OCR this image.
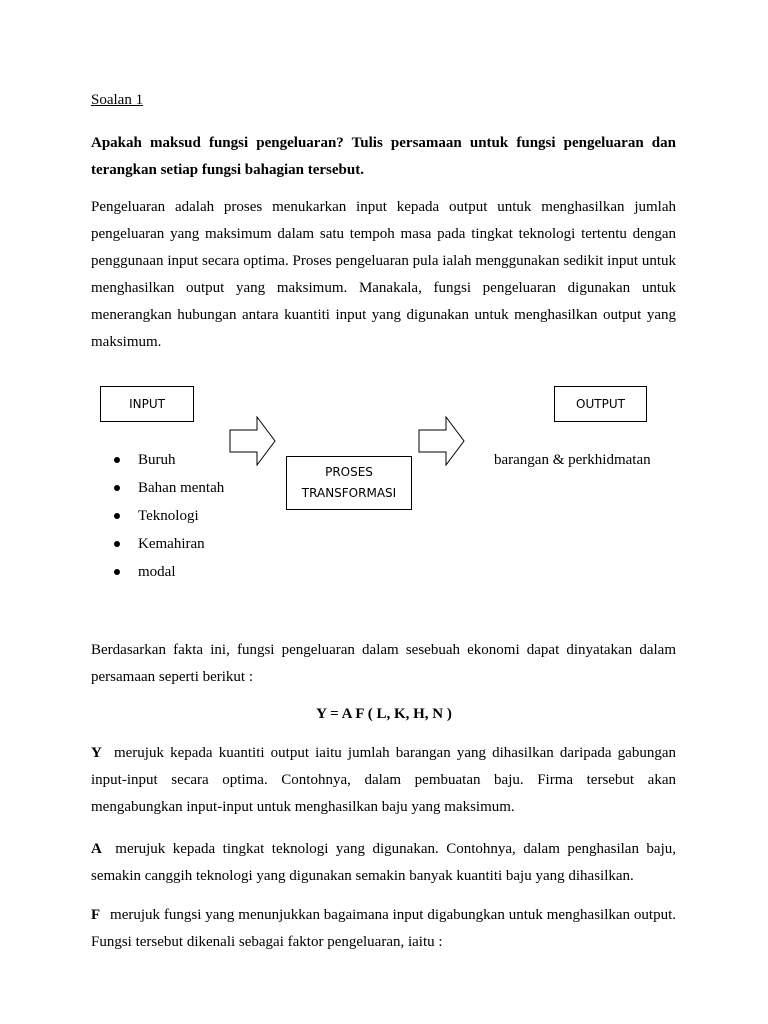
Soalan 1
Apakah maksud fungsi pengeluaran? Tulis persamaan untuk fungsi pengeluaran dan terangkan setiap fungsi bahagian tersebut.

Pengeluaran adalah proses menukarkan input kepada output untuk menghasilkan jumlah pengeluaran yang maksimum dalam satu tempoh masa pada tingkat teknologi tertentu dengan penggunaan input secara optima. Proses pengeluaran pula ialah menggunakan sedikit input untuk menghasilkan output yang maksimum. Manakala, fungsi pengeluaran digunakan untuk menerangkan hubungan antara kuantiti input yang digunakan untuk menghasilkan output yang maksimum.

INPUT	OUTPUT
PROSES
TRANSFORMASI
Buruh
Bahan mentah
Teknologi
Kemahiran
modal
barangan & perkhidmatan

Berdasarkan fakta ini, fungsi pengeluaran dalam sesebuah ekonomi dapat dinyatakan dalam persamaan seperti berikut :

Y = A F ( L, K, H, N )

Y merujuk kepada kuantiti output iaitu jumlah barangan yang dihasilkan daripada gabungan input-input secara optima. Contohnya, dalam pembuatan baju. Firma tersebut akan mengabungkan input-input untuk menghasilkan baju yang maksimum.

A merujuk kepada tingkat teknologi yang digunakan. Contohnya, dalam penghasilan baju, semakin canggih teknologi yang digunakan semakin banyak kuantiti baju yang dihasilkan.

F merujuk fungsi yang menunjukkan bagaimana input digabungkan untuk menghasilkan output. Fungsi tersebut dikenali sebagai faktor pengeluaran, iaitu :
